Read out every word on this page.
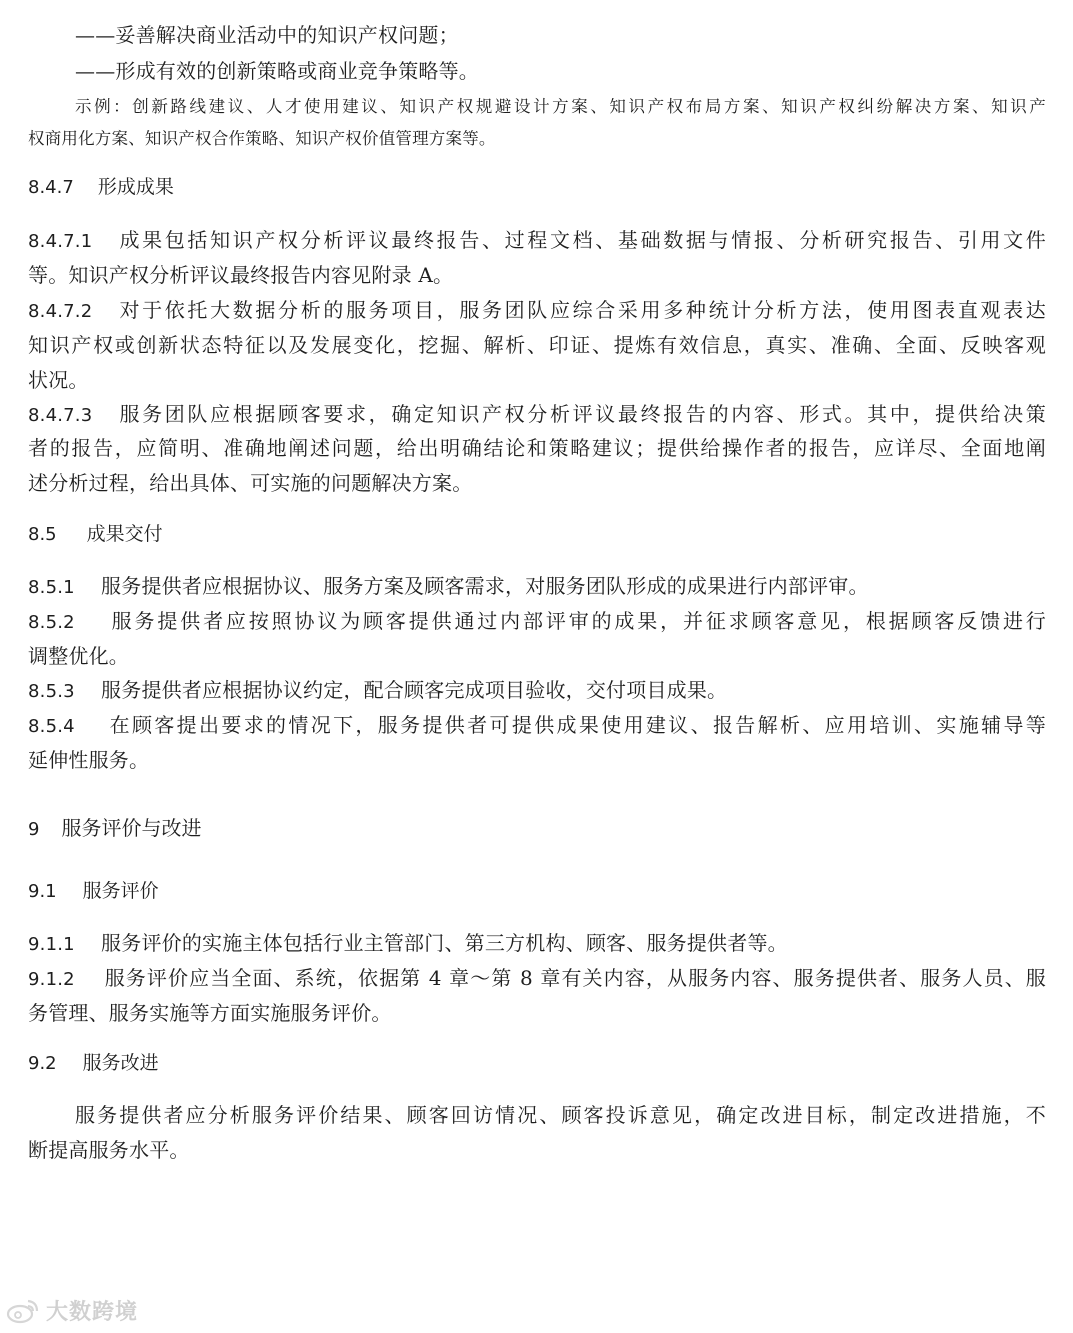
——妥善解决商业活动中的知识产权问题；
——形成有效的创新策略或商业竞争策略等。
示例：创新路线建议、人才使用建议、知识产权规避设计方案、知识产权布局方案、知识产权纠纷解决方案、知识产
权商用化方案、知识产权合作策略、知识产权价值管理方案等。
8.4.7 形成成果
8.4.7.1 成果包括知识产权分析评议最终报告、过程文档、基础数据与情报、分析研究报告、引用文件
等。知识产权分析评议最终报告内容见附录 A。
8.4.7.2 对于依托大数据分析的服务项目，服务团队应综合采用多种统计分析方法，使用图表直观表达
知识产权或创新状态特征以及发展变化，挖掘、解析、印证、提炼有效信息，真实、准确、全面、反映客观
状况。
8.4.7.3 服务团队应根据顾客要求，确定知识产权分析评议最终报告的内容、形式。其中，提供给决策
者的报告，应简明、准确地阐述问题，给出明确结论和策略建议；提供给操作者的报告，应详尽、全面地阐
述分析过程，给出具体、可实施的问题解决方案。
8.5 成果交付
8.5.1 服务提供者应根据协议、服务方案及顾客需求，对服务团队形成的成果进行内部评审。
8.5.2 服务提供者应按照协议为顾客提供通过内部评审的成果，并征求顾客意见，根据顾客反馈进行
调整优化。
8.5.3 服务提供者应根据协议约定，配合顾客完成项目验收，交付项目成果。
8.5.4 在顾客提出要求的情况下，服务提供者可提供成果使用建议、报告解析、应用培训、实施辅导等
延伸性服务。
9 服务评价与改进
9.1 服务评价
9.1.1 服务评价的实施主体包括行业主管部门、第三方机构、顾客、服务提供者等。
9.1.2 服务评价应当全面、系统，依据第 4 章～第 8 章有关内容，从服务内容、服务提供者、服务人员、服
务管理、服务实施等方面实施服务评价。
9.2 服务改进
服务提供者应分析服务评价结果、顾客回访情况、顾客投诉意见，确定改进目标，制定改进措施，不
断提高服务水平。
大数跨境
